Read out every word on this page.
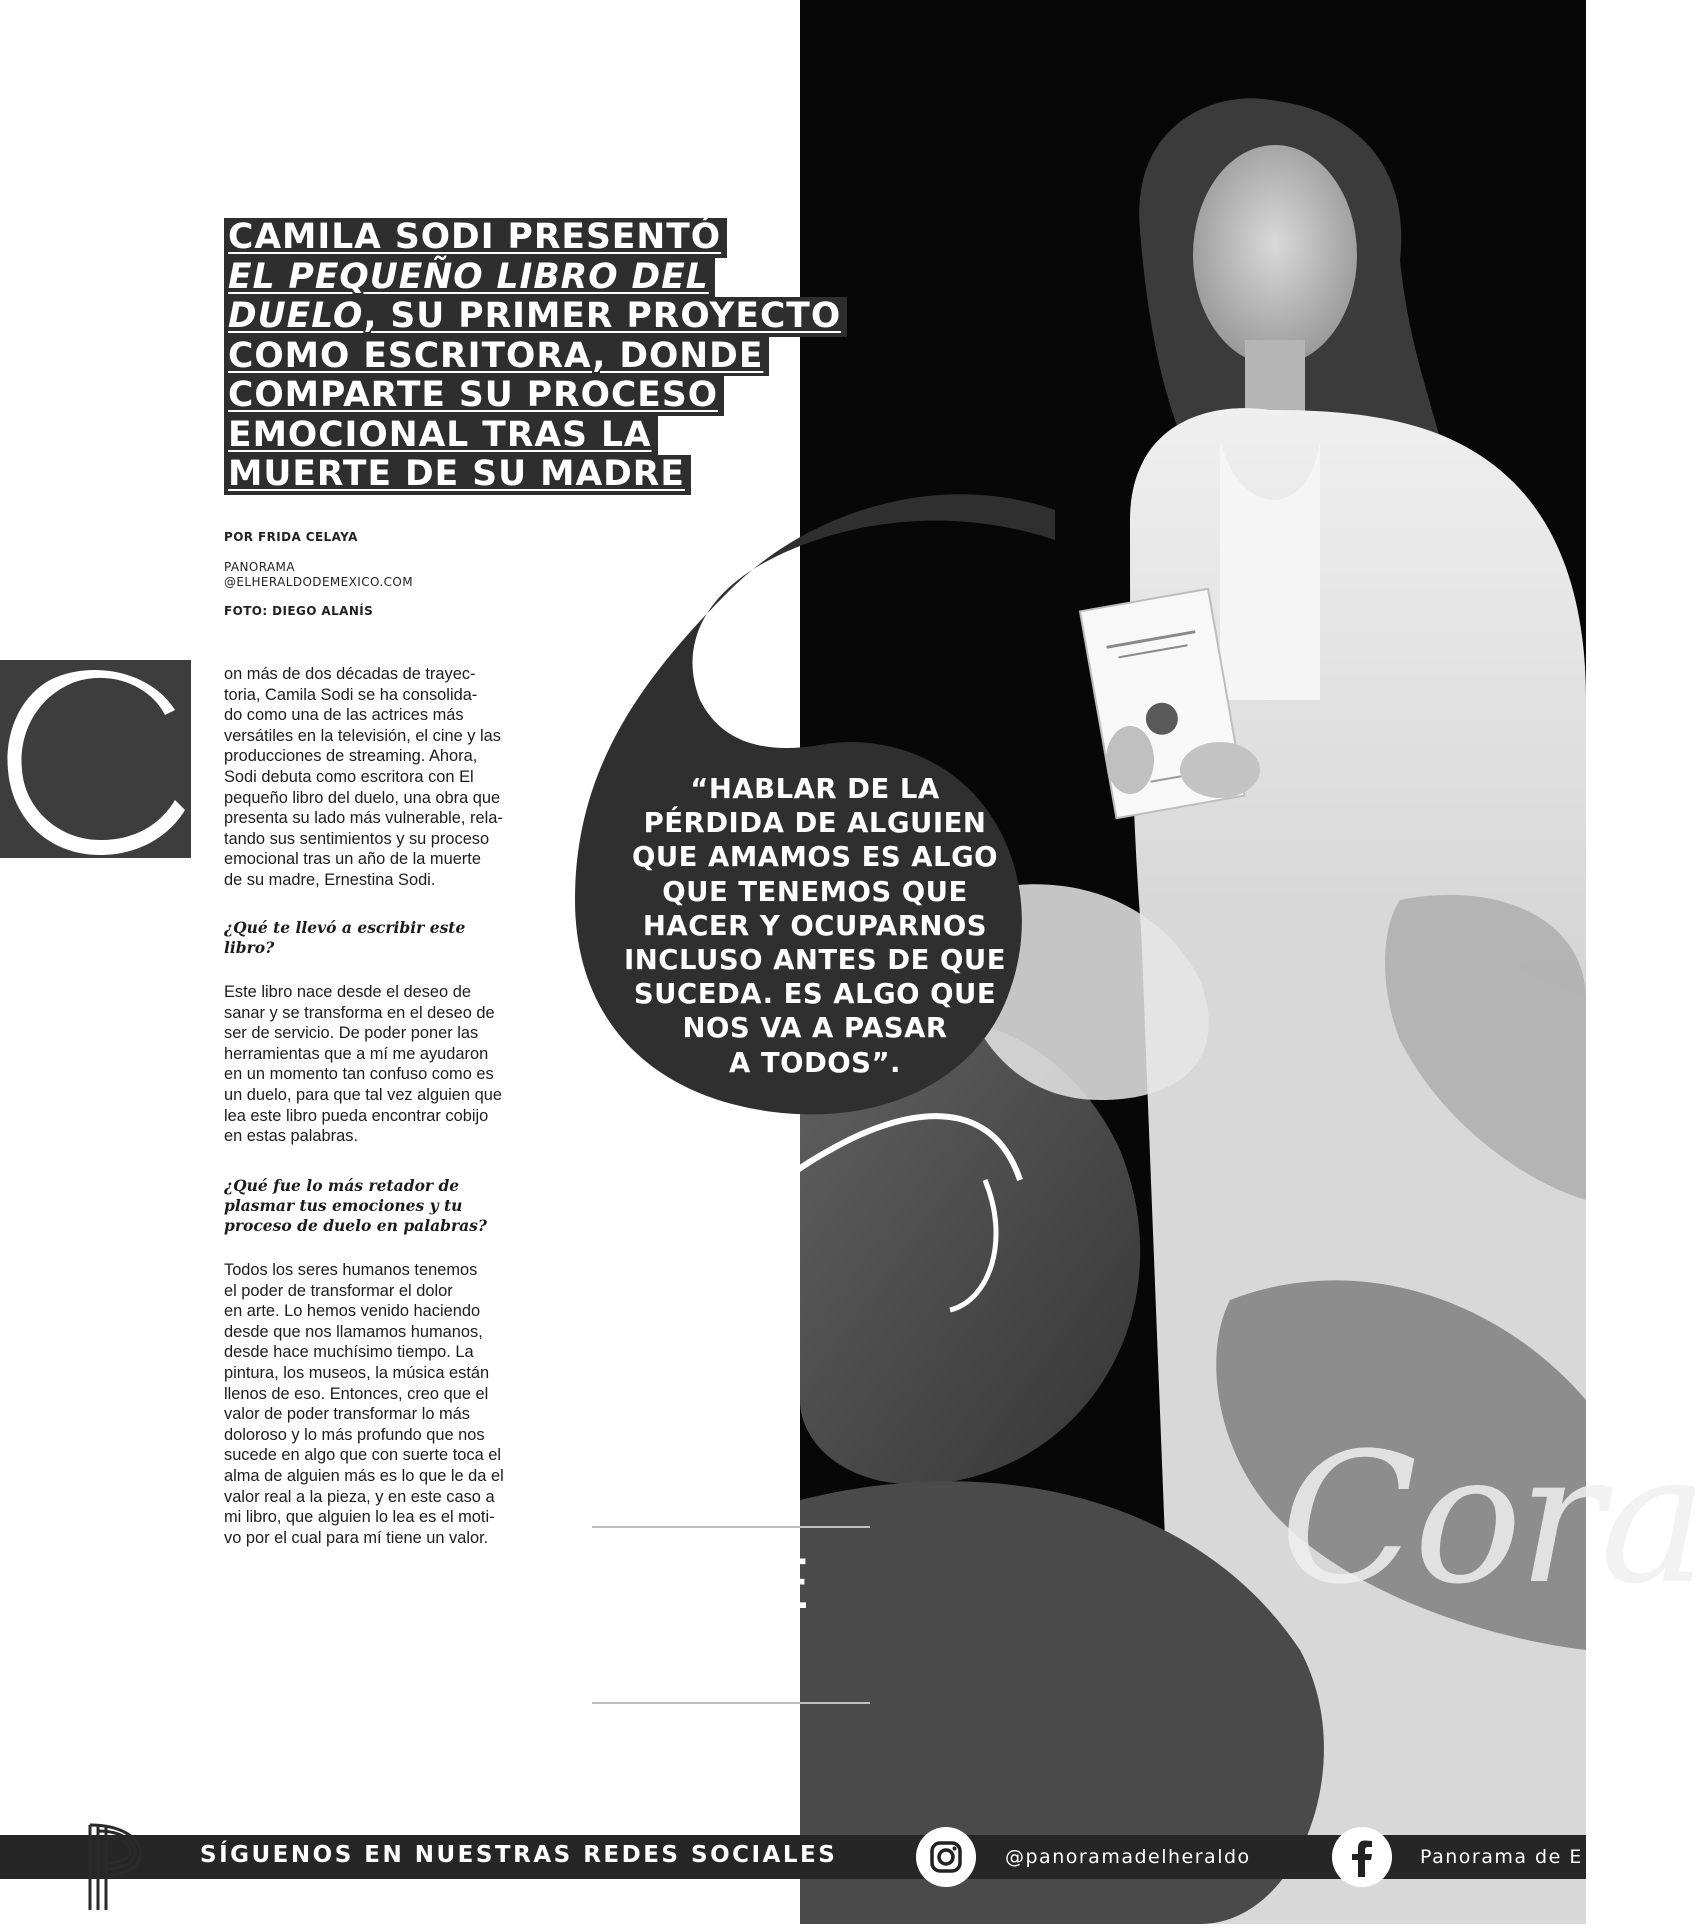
Cora
CAMILA SODI PRESENTÓ
EL PEQUEÑO LIBRO DEL
DUELO, SU PRIMER PROYECTO
COMO ESCRITORA, DONDE
COMPARTE SU PROCESO
EMOCIONAL TRAS LA
MUERTE DE SU MADRE
POR FRIDA CELAYA
PANORAMA
@ELHERALDODEMEXICO.COM
FOTO: DIEGO ALANÍS
on más de dos décadas de trayec-
toria, Camila Sodi se ha consolida-
do como una de las actrices más
versátiles en la televisión, el cine y las
producciones de streaming. Ahora,
Sodi debuta como escritora con El
pequeño libro del duelo, una obra que
presenta su lado más vulnerable, rela-
tando sus sentimientos y su proceso
emocional tras un año de la muerte
de su madre, Ernestina Sodi.
¿Qué te llevó a escribir este
libro?
Este libro nace desde el deseo de
sanar y se transforma en el deseo de
ser de servicio. De poder poner las
herramientas que a mí me ayudaron
en un momento tan confuso como es
un duelo, para que tal vez alguien que
lea este libro pueda encontrar cobijo
en estas palabras.
¿Qué fue lo más retador de
plasmar tus emociones y tu
proceso de duelo en palabras?
Todos los seres humanos tenemos
el poder de transformar el dolor
en arte. Lo hemos venido haciendo
desde que nos llamamos humanos,
desde hace muchísimo tiempo. La
pintura, los museos, la música están
llenos de eso. Entonces, creo que el
valor de poder transformar lo más
doloroso y lo más profundo que nos
sucede en algo que con suerte toca el
alma de alguien más es lo que le da el
valor real a la pieza, y en este caso a
mi libro, que alguien lo lea es el moti-
vo por el cual para mí tiene un valor.
“HABLAR DE LA
PÉRDIDA DE ALGUIEN
QUE AMAMOS ES ALGO
QUE TENEMOS QUE
HACER Y OCUPARNOS
INCLUSO ANTES DE QUE
SUCEDA. ES ALGO QUE
NOS VA A PASAR
A TODOS”.
ABRE
SU
SÍGUENOS EN NUESTRAS REDES SOCIALES	@panoramadelheraldo	Panorama de E
